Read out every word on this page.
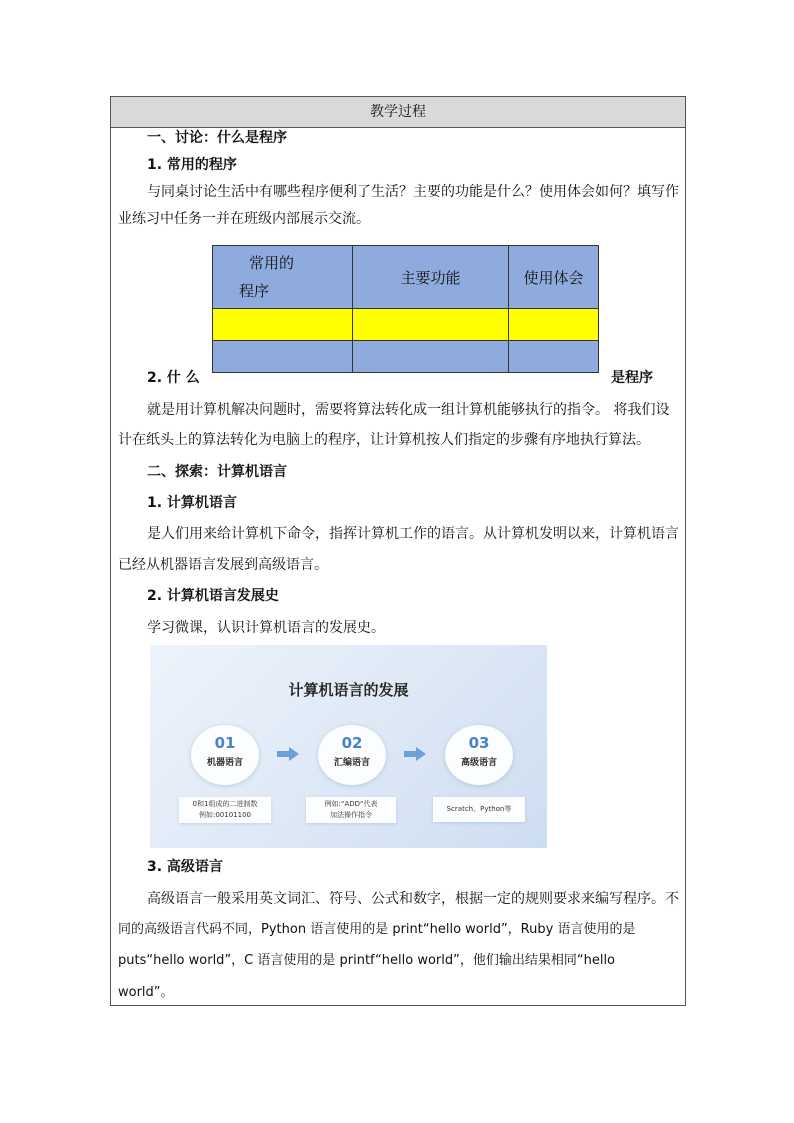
教学过程
一、讨论：什么是程序
1. 常用的程序
与同桌讨论生活中有哪些程序便利了生活？主要的功能是什么？使用体会如何？填写作
业练习中任务一并在班级内部展示交流。
常用的
程序	主要功能	使用体会

2. 什 么	是程序
就是用计算机解决问题时，需要将算法转化成一组计算机能够执行的指令。 将我们设
计在纸头上的算法转化为电脑上的程序，让计算机按人们指定的步骤有序地执行算法。
二、探索：计算机语言
1. 计算机语言
是人们用来给计算机下命令，指挥计算机工作的语言。从计算机发明以来，计算机语言
已经从机器语言发展到高级语言。
2. 计算机语言发展史
学习微课，认识计算机语言的发展史。
计算机语言的发展
01
机器语言
02
汇编语言
03
高级语言
0和1组成的二进制数
例如:00101100
例如:“ADD”代表
加法操作指令
Scratch、Python等
3. 高级语言
高级语言一般采用英文词汇、符号、公式和数字，根据一定的规则要求来编写程序。不
同的高级语言代码不同，Python 语言使用的是 print“hello world”，Ruby 语言使用的是
puts“hello world”，C 语言使用的是 printf“hello world”，他们输出结果相同“hello
world”。
